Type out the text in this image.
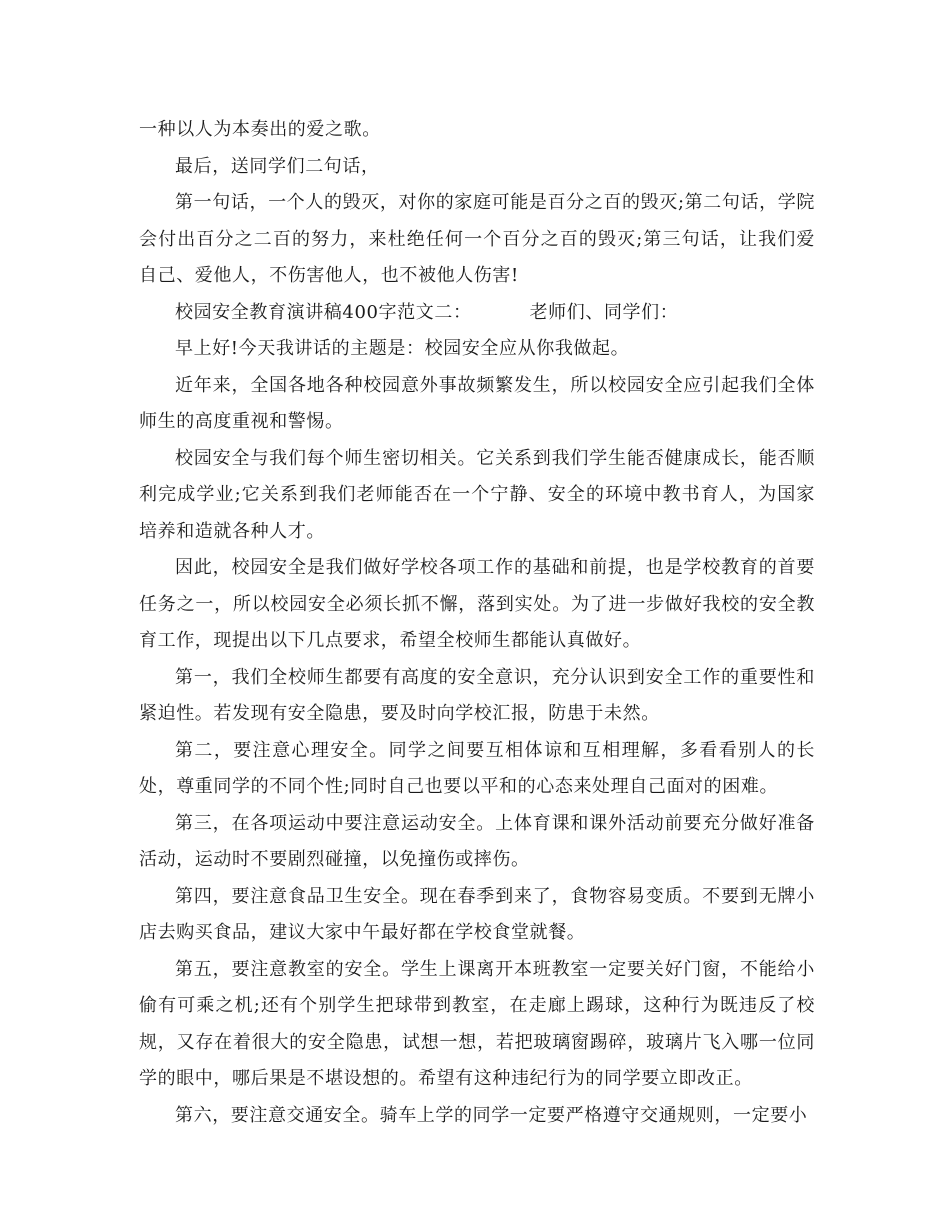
一种以人为本奏出的爱之歌。

最后，送同学们二句话，

第一句话，一个人的毁灭，对你的家庭可能是百分之百的毁灭;第二句话，学院会付出百分之二百的努力，来杜绝任何一个百分之百的毁灭;第三句话，让我们爱自己、爱他人，不伤害他人，也不被他人伤害!

校园安全教育演讲稿400字范文二：	老师们、同学们：

早上好!今天我讲话的主题是：校园安全应从你我做起。

近年来，全国各地各种校园意外事故频繁发生，所以校园安全应引起我们全体师生的高度重视和警惕。

校园安全与我们每个师生密切相关。它关系到我们学生能否健康成长，能否顺利完成学业;它关系到我们老师能否在一个宁静、安全的环境中教书育人，为国家培养和造就各种人才。

因此，校园安全是我们做好学校各项工作的基础和前提，也是学校教育的首要任务之一，所以校园安全必须长抓不懈，落到实处。为了进一步做好我校的安全教育工作，现提出以下几点要求，希望全校师生都能认真做好。

第一，我们全校师生都要有高度的安全意识，充分认识到安全工作的重要性和紧迫性。若发现有安全隐患，要及时向学校汇报，防患于未然。

第二，要注意心理安全。同学之间要互相体谅和互相理解，多看看别人的长处，尊重同学的不同个性;同时自己也要以平和的心态来处理自己面对的困难。

第三，在各项运动中要注意运动安全。上体育课和课外活动前要充分做好准备活动，运动时不要剧烈碰撞，以免撞伤或摔伤。

第四，要注意食品卫生安全。现在春季到来了，食物容易变质。不要到无牌小店去购买食品，建议大家中午最好都在学校食堂就餐。

第五，要注意教室的安全。学生上课离开本班教室一定要关好门窗，不能给小偷有可乘之机;还有个别学生把球带到教室，在走廊上踢球，这种行为既违反了校规，又存在着很大的安全隐患，试想一想，若把玻璃窗踢碎，玻璃片飞入哪一位同学的眼中，哪后果是不堪设想的。希望有这种违纪行为的同学要立即改正。

第六，要注意交通安全。骑车上学的同学一定要严格遵守交通规则，一定要小
